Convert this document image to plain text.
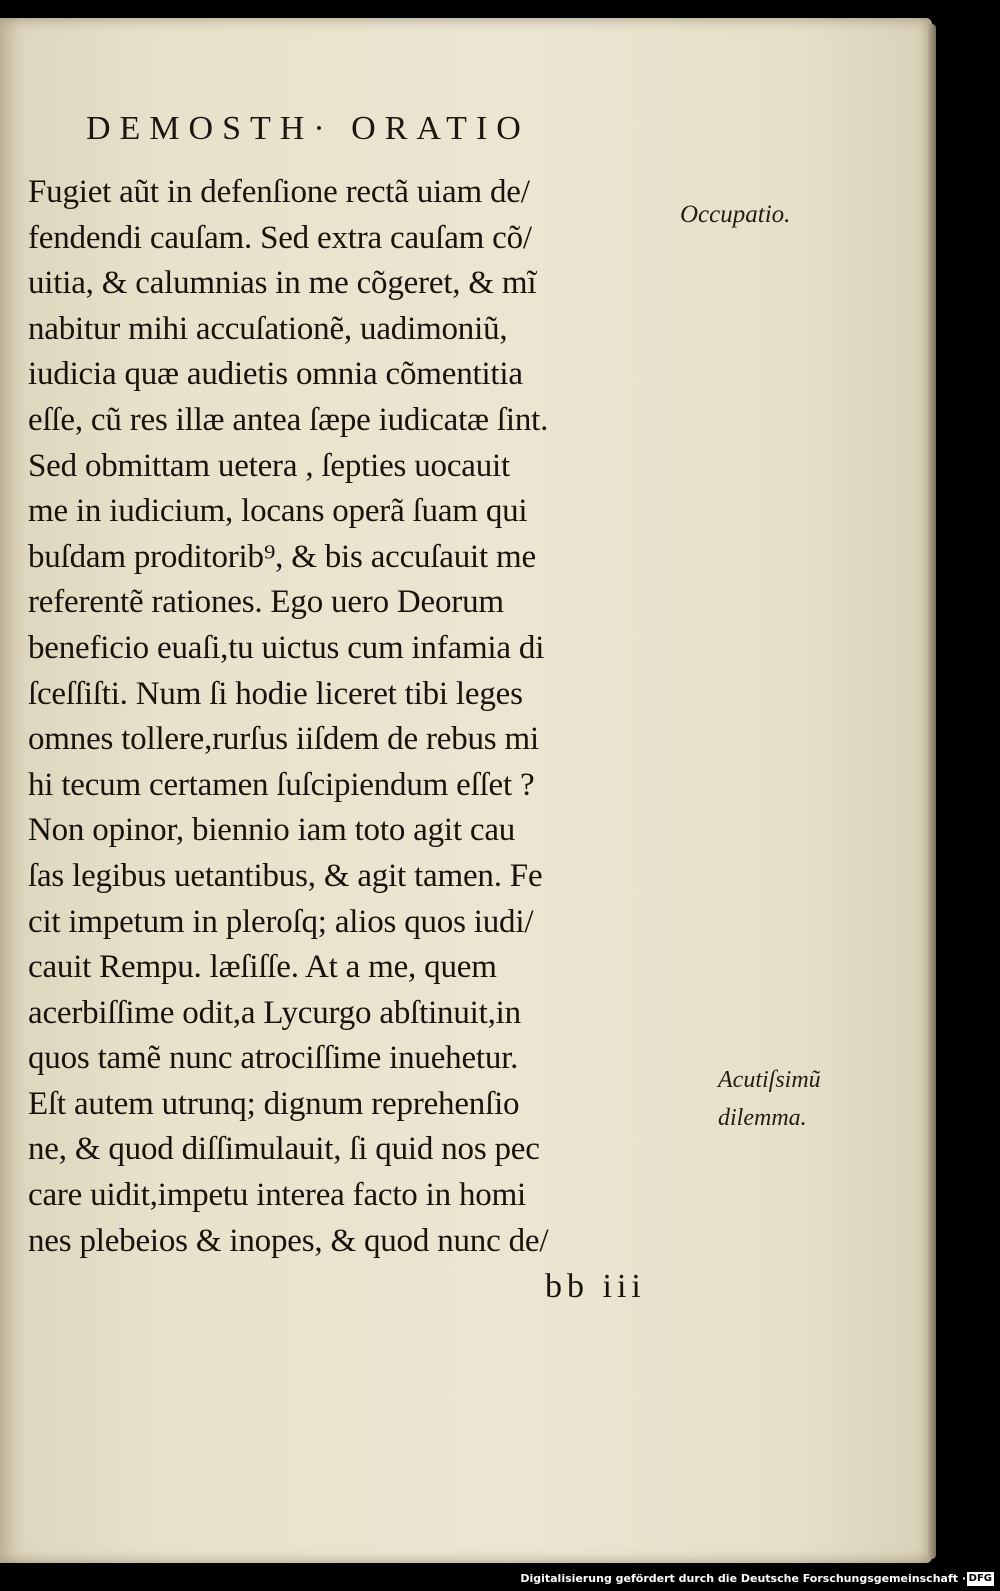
DEMOSTH· ORATIO
Fugiet aũt in defenſione rectã uiam de/
fendendi cauſam. Sed extra cauſam cõ/
uitia, & calumnias in me cõgeret, & mĩ
nabitur mihi accuſationẽ, uadimoniũ,
iudicia quæ audietis omnia cõmentitia
eſſe, cũ res illæ antea ſæpe iudicatæ ſint.
Sed obmittam uetera , ſepties uocauit
me in iudicium, locans operã ſuam qui
buſdam proditorib⁹, & bis accuſauit me
referentẽ rationes. Ego uero Deorum
beneficio euaſi,tu uictus cum infamia di
ſceſſiſti. Num ſi hodie liceret tibi leges
omnes tollere,rurſus iiſdem de rebus mi
hi tecum certamen ſuſcipiendum eſſet ?
Non opinor, biennio iam toto agit cau
ſas legibus uetantibus, & agit tamen. Fe
cit impetum in pleroſq; alios quos iudi/
cauit Rempu. læſiſſe. At a me, quem
acerbiſſime odit,a Lycurgo abſtinuit,in
quos tamẽ nunc atrociſſime inuehetur.
Eſt autem utrunq; dignum reprehenſio
ne, & quod diſſimulauit, ſi quid nos pec
care uidit,impetu interea facto in homi
nes plebeios & inopes, & quod nunc de/
Occupatio.
Acutiſsimũ
dilemma.
bb iii
Digitalisierung gefördert durch die Deutsche Forschungsgemeinschaft · DFG
